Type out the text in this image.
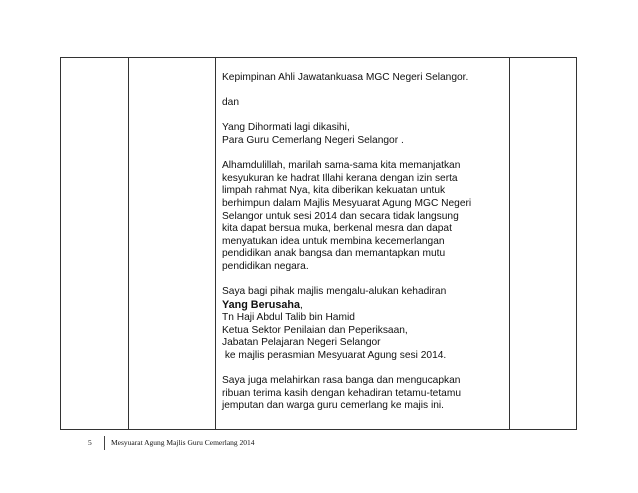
Kepimpinan Ahli Jawatankuasa MGC Negeri Selangor.
dan
Yang Dihormati lagi dikasihi,
Para Guru Cemerlang Negeri Selangor .
Alhamdulillah, marilah sama-sama kita memanjatkan
kesyukuran ke hadrat Illahi kerana dengan izin serta
limpah rahmat Nya, kita diberikan kekuatan untuk
berhimpun dalam Majlis Mesyuarat Agung MGC Negeri
Selangor untuk sesi 2014 dan secara tidak langsung
kita dapat bersua muka, berkenal mesra dan dapat
menyatukan idea untuk membina kecemerlangan
pendidikan anak bangsa dan memantapkan mutu
pendidikan negara.
Saya bagi pihak majlis mengalu-alukan kehadiran
Yang Berusaha,
Tn Haji Abdul Talib bin Hamid
Ketua Sektor Penilaian dan Peperiksaan,
Jabatan Pelajaran Negeri Selangor
ke majlis perasmian Mesyuarat Agung sesi 2014.
Saya juga melahirkan rasa banga dan mengucapkan
ribuan terima kasih dengan kehadiran tetamu-tetamu
jemputan dan warga guru cemerlang ke majis ini.
5	Mesyuarat Agung Majlis Guru Cemerlang 2014
